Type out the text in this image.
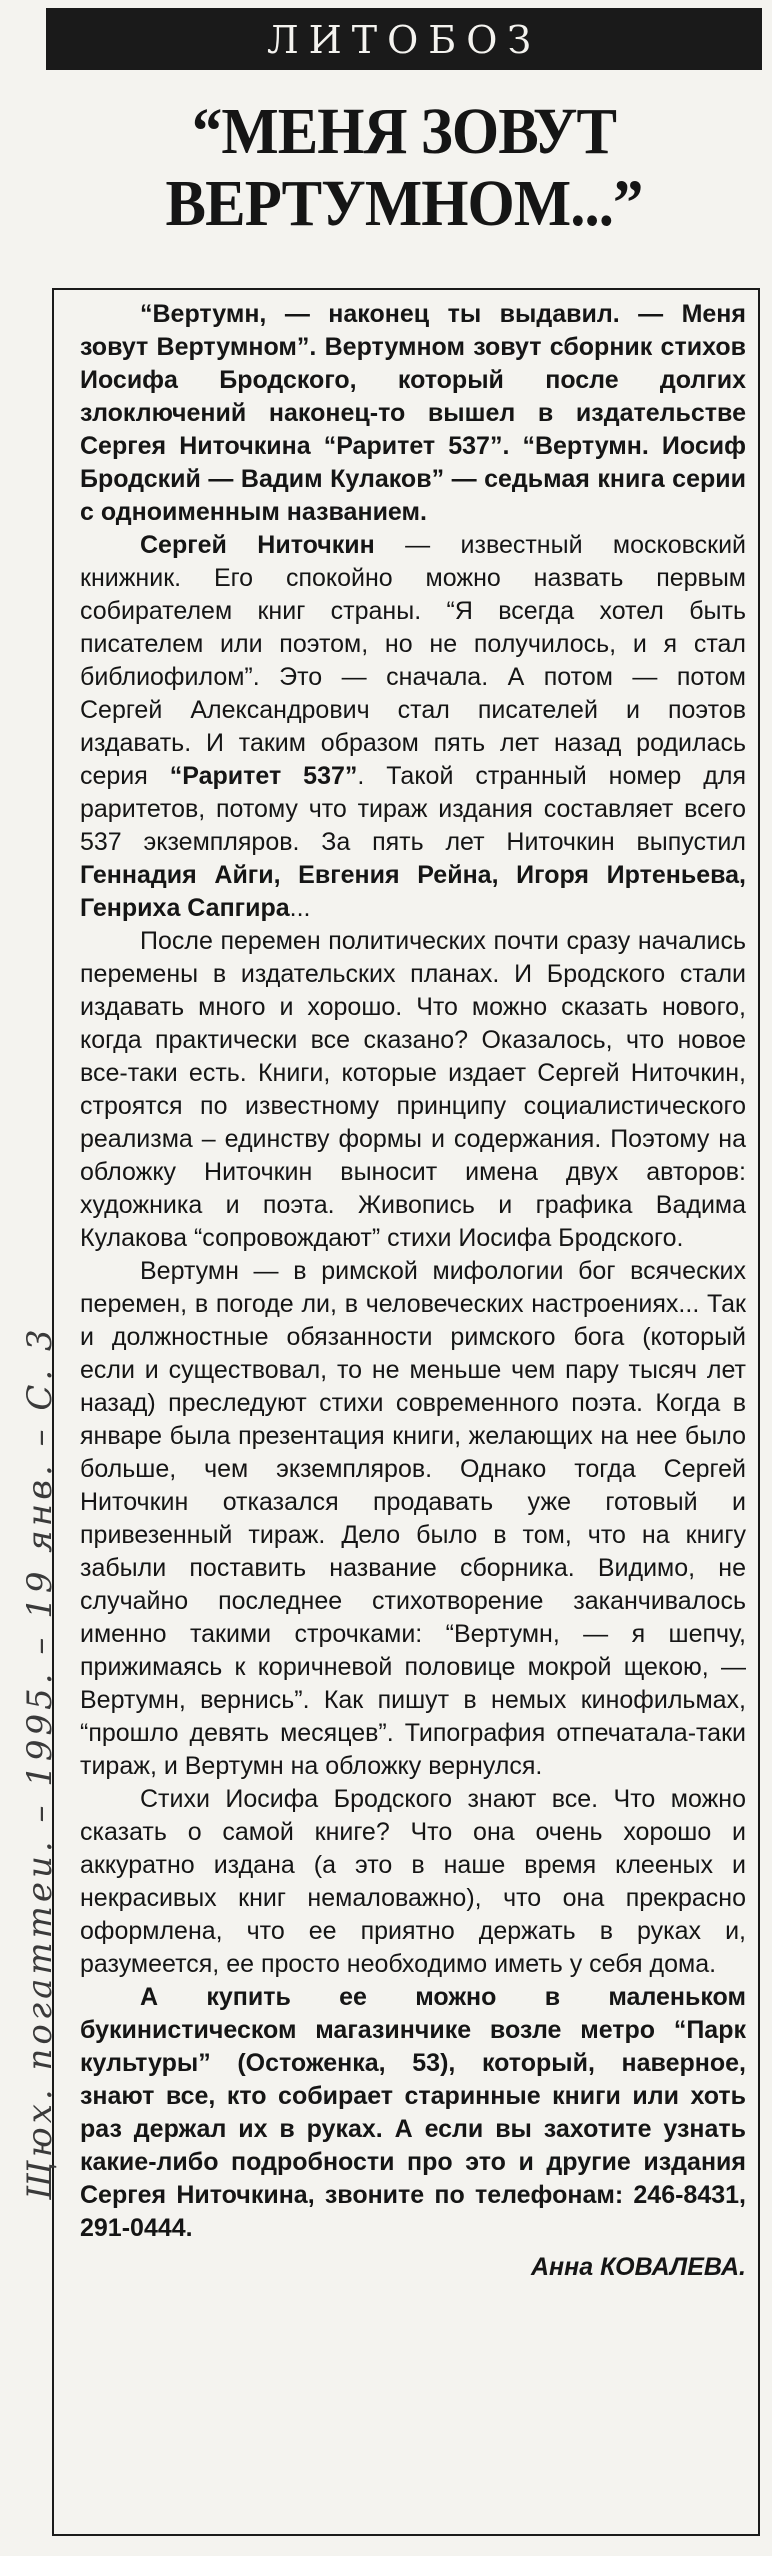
ЛИТОБОЗ
“МЕНЯ ЗОВУТ
ВЕРТУМНОМ...”

“Вертумн, — наконец ты выдавил. — Меня зовут Вертумном”. Вертумном зовут сборник стихов Иосифа Бродского, который после долгих злоключений наконец-то вышел в издательстве Сергея Ниточкина “Раритет 537”. “Вертумн. Иосиф Бродский — Вадим Кулаков” — седьмая книга серии с одноименным названием.

Сергей Ниточкин — известный московский книжник. Его спокойно можно назвать первым собирателем книг страны. “Я всегда хотел быть писателем или поэтом, но не получилось, и я стал библиофилом”. Это — сначала. А потом — потом Сергей Александрович стал писателей и поэтов издавать. И таким образом пять лет назад родилась серия “Раритет 537”. Такой странный номер для раритетов, потому что тираж издания составляет всего 537 экземпляров. За пять лет Ниточкин выпустил Геннадия Айги, Евгения Рейна, Игоря Иртеньева, Генриха Сапгира...

После перемен политических почти сразу начались перемены в издательских планах. И Бродского стали издавать много и хорошо. Что можно сказать нового, когда практически все сказано? Оказалось, что новое все-таки есть. Книги, которые издает Сергей Ниточкин, строятся по известному принципу социалистического реализма – единству формы и содержания. Поэтому на обложку Ниточкин выносит имена двух авторов: художника и поэта. Живопись и графика Вадима Кулакова “сопровождают” стихи Иосифа Бродского.

Вертумн — в римской мифологии бог всяческих перемен, в погоде ли, в человеческих настроениях... Так и должностные обязанности римского бога (который если и существовал, то не меньше чем пару тысяч лет назад) преследуют стихи современного поэта. Когда в январе была презентация книги, желающих на нее было больше, чем экземпляров. Однако тогда Сергей Ниточкин отказался продавать уже готовый и привезенный тираж. Дело было в том, что на книгу забыли поставить название сборника. Видимо, не случайно последнее стихотворение заканчивалось именно такими строчками: “Вертумн, — я шепчу, прижимаясь к коричневой половице мокрой щекою, — Вертумн, вернись”. Как пишут в немых кинофильмах, “прошло девять месяцев”. Типография отпечатала-таки тираж, и Вертумн на обложку вернулся.

Стихи Иосифа Бродского знают все. Что можно сказать о самой книге? Что она очень хорошо и аккуратно издана (а это в наше время клееных и некрасивых книг немаловажно), что она прекрасно оформлена, что ее приятно держать в руках и, разумеется, ее просто необходимо иметь у себя дома.

А купить ее можно в маленьком букинистическом магазинчике возле метро “Парк культуры” (Остоженка, 53), который, наверное, знают все, кто собирает старинные книги или хоть раз держал их в руках. А если вы захотите узнать какие-либо подробности про это и другие издания Сергея Ниточкина, звоните по телефонам: 246-8431, 291-0444.

Анна КОВАЛЕВА.

Щюх. погаттеи. – 1995. – 19 янв. – С. 3
